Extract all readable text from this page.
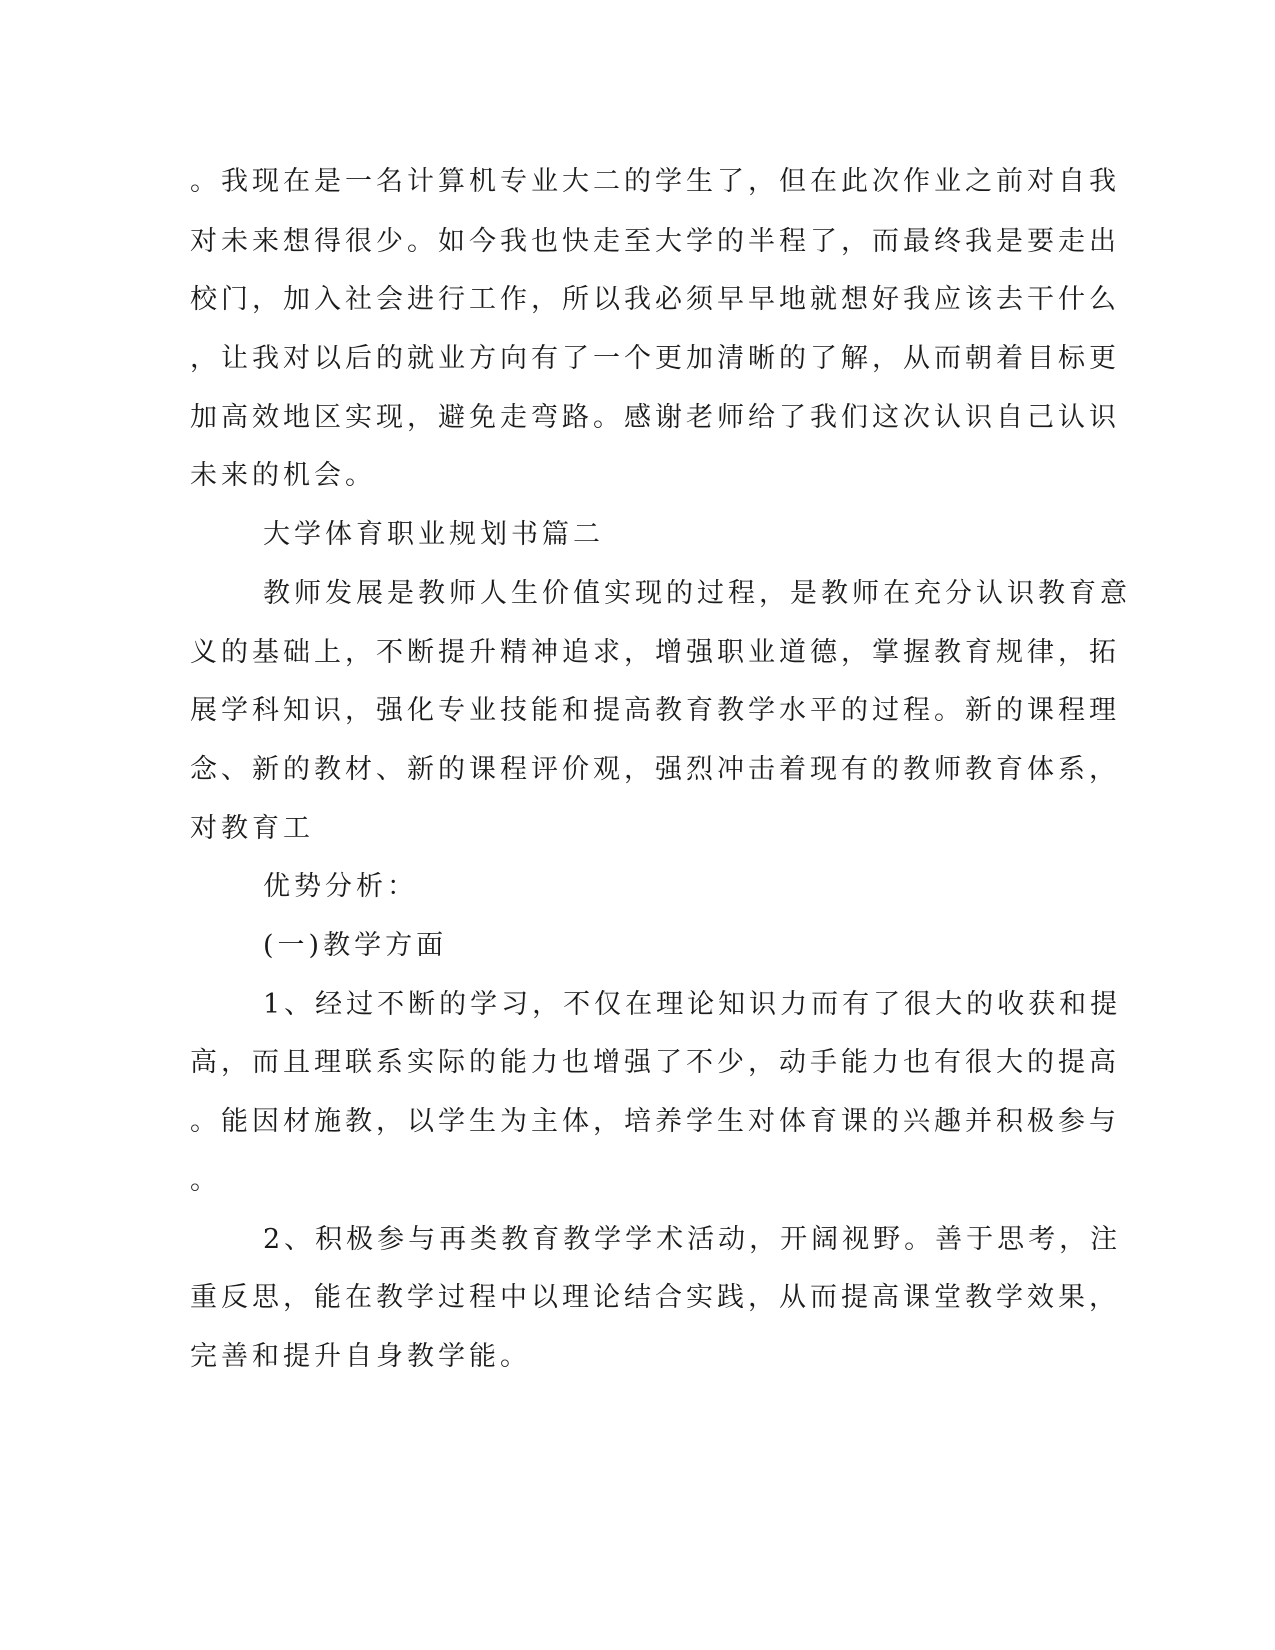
。我现在是一名计算机专业大二的学生了，但在此次作业之前对自我
对未来想得很少。如今我也快走至大学的半程了，而最终我是要走出
校门，加入社会进行工作，所以我必须早早地就想好我应该去干什么
，让我对以后的就业方向有了一个更加清晰的了解，从而朝着目标更
加高效地区实现，避免走弯路。感谢老师给了我们这次认识自己认识
未来的机会。
大学体育职业规划书篇二
教师发展是教师人生价值实现的过程，是教师在充分认识教育意
义的基础上，不断提升精神追求，增强职业道德，掌握教育规律，拓
展学科知识，强化专业技能和提高教育教学水平的过程。新的课程理
念、新的教材、新的课程评价观，强烈冲击着现有的教师教育体系，
对教育工
优势分析：
(一)教学方面
1、经过不断的学习，不仅在理论知识力而有了很大的收获和提
高，而且理联系实际的能力也增强了不少，动手能力也有很大的提高
。能因材施教，以学生为主体，培养学生对体育课的兴趣并积极参与
。
2、积极参与再类教育教学学术活动，开阔视野。善于思考，注
重反思，能在教学过程中以理论结合实践，从而提高课堂教学效果，
完善和提升自身教学能。
